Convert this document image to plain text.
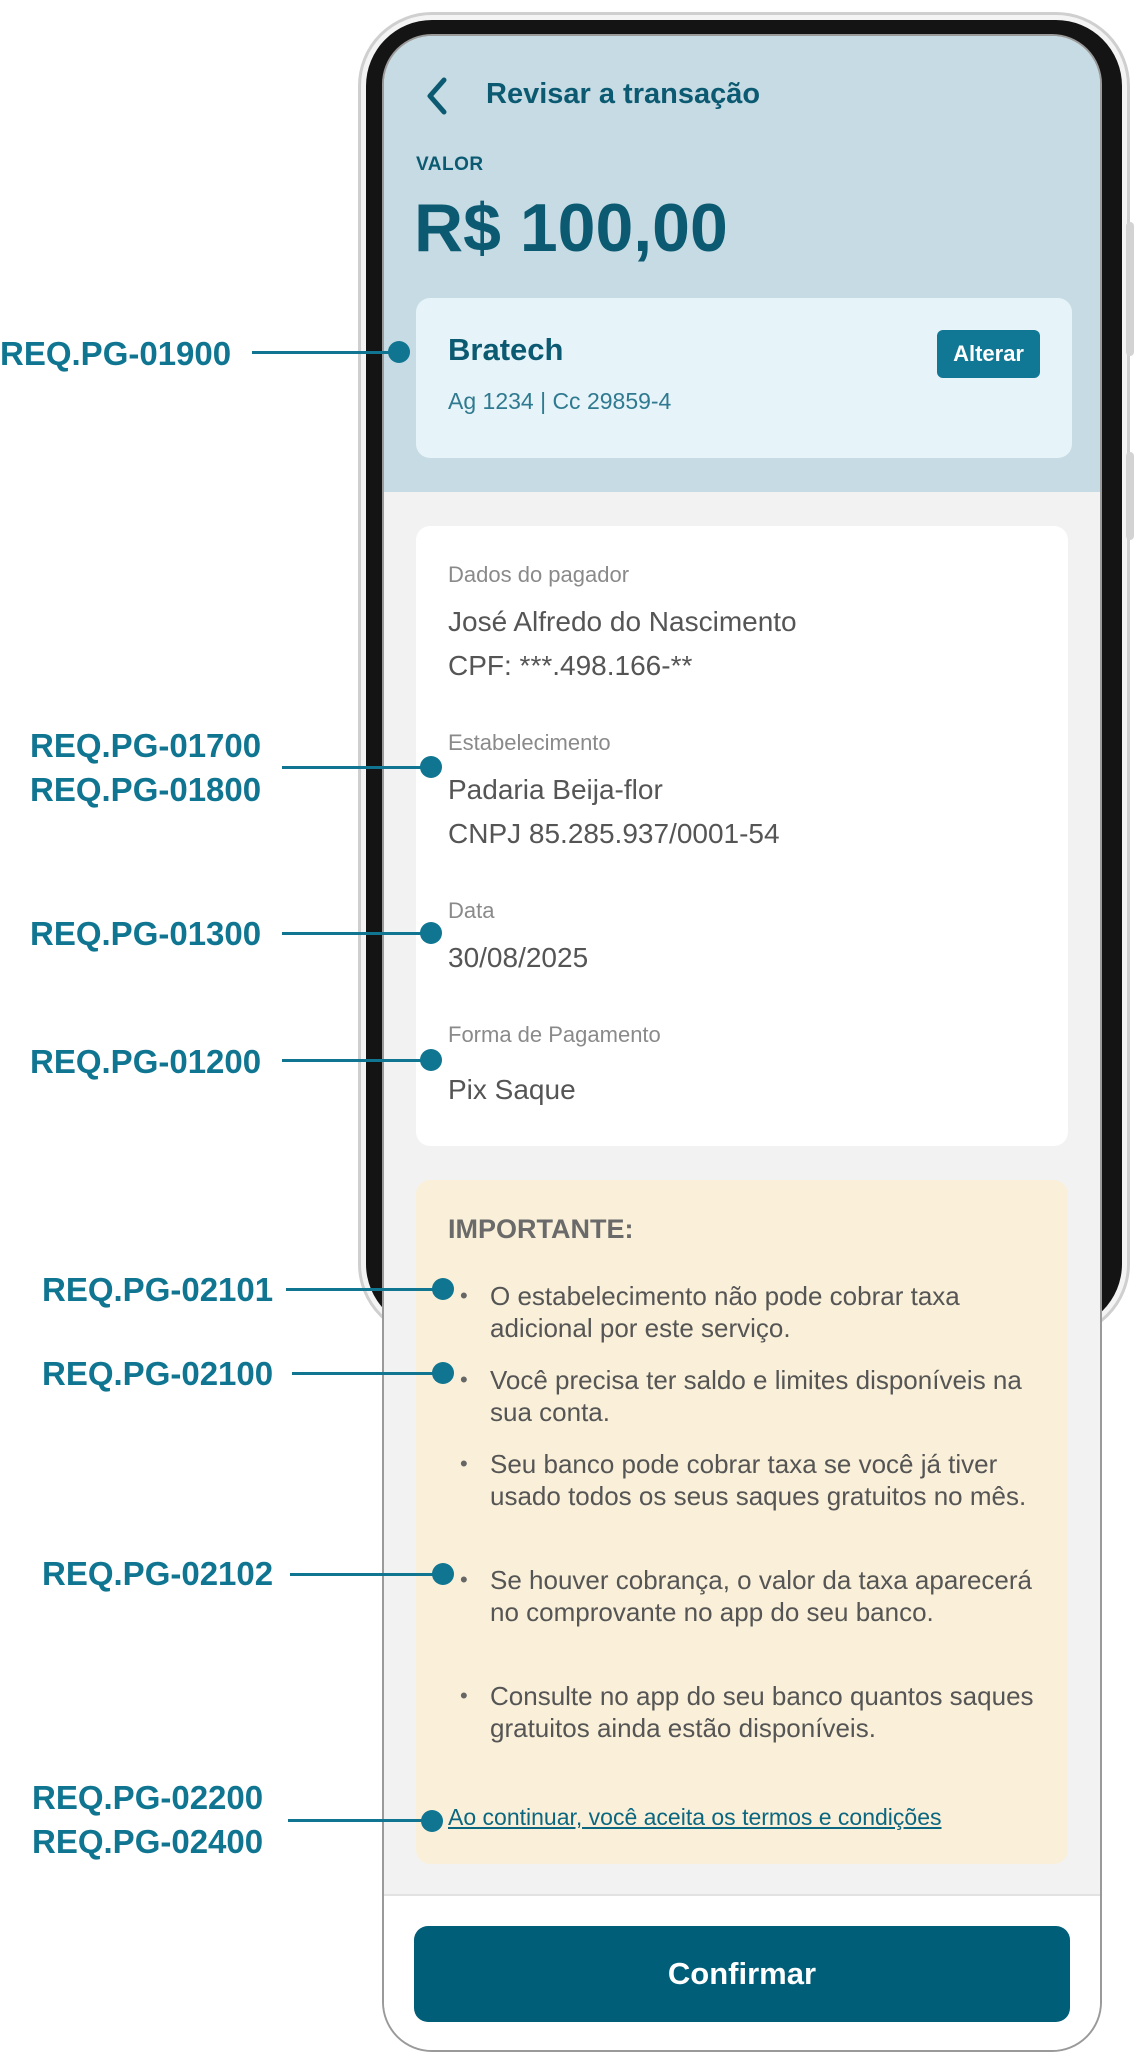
Revisar a transação
VALOR
R$ 100,00
Bratech
Ag 1234 | Cc 29859-4
Alterar
Dados do pagador
José Alfredo do Nascimento
CPF: ***.498.166-**
Estabelecimento
Padaria Beija-flor
CNPJ 85.285.937/0001-54
Data
30/08/2025
Forma de Pagamento
Pix Saque
IMPORTANTE:
• O estabelecimento não pode cobrar taxa adicional por este serviço.
• Você precisa ter saldo e limites disponíveis na sua conta.
• Seu banco pode cobrar taxa se você já tiver usado todos os seus saques gratuitos no mês.
• Se houver cobrança, o valor da taxa aparecerá no comprovante no app do seu banco.
• Consulte no app do seu banco quantos saques gratuitos ainda estão disponíveis.
Ao continuar, você aceita os termos e condições
Confirmar
REQ.PG-01900
REQ.PG-01700
REQ.PG-01800
REQ.PG-01300
REQ.PG-01200
REQ.PG-02101
REQ.PG-02100
REQ.PG-02102
REQ.PG-02200
REQ.PG-02400
